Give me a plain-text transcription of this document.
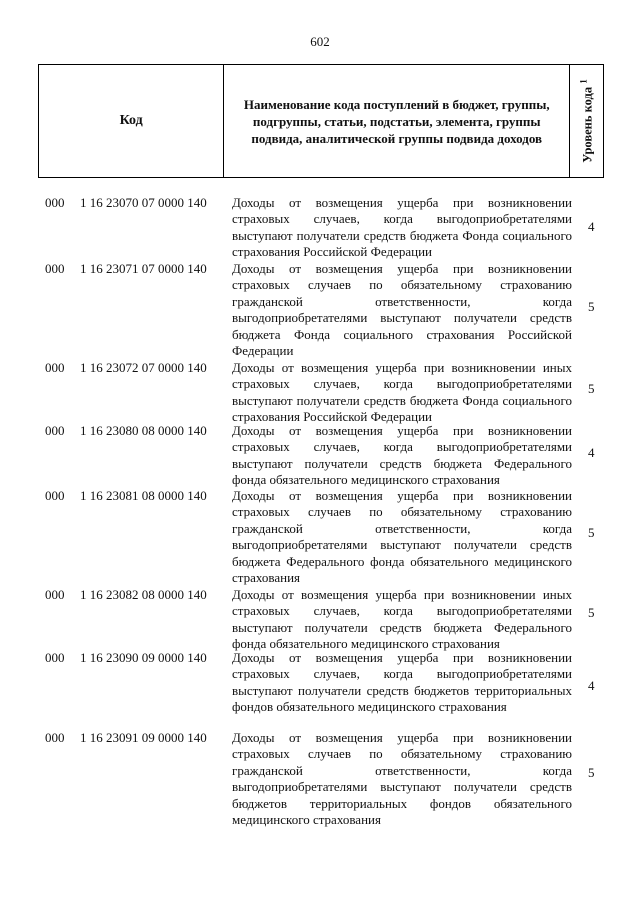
602
Код
Наименование кода поступлений в бюджет, группы, подгруппы, статьи, подстатьи, элемента, группы подвида, аналитической группы подвида доходов	Уровень кода $^1$
000 1 16 23070 07 0000 140 Доходы от возмещения ущерба при возникновении страховых случаев, когда выгодоприобретателями выступают получатели средств бюджета Фонда социального страхования Российской Федерации
4
000 1 16 23071 07 0000 140 Доходы от возмещения ущерба при возникновении страховых случаев по обязательному страхованию гражданской ответственности, когда выгодоприобретателями выступают получатели средств бюджета Фонда социального страхования Российской Федерации
5
000 1 16 23072 07 0000 140 Доходы от возмещения ущерба при возникновении иных страховых случаев, когда выгодоприобретателями выступают получатели средств бюджета Фонда социального страхования Российской Федерации
5
000 1 16 23080 08 0000 140 Доходы от возмещения ущерба при возникновении страховых случаев, когда выгодоприобретателями выступают получатели средств бюджета Федерального фонда обязательного медицинского страхования
4
000 1 16 23081 08 0000 140 Доходы от возмещения ущерба при возникновении страховых случаев по обязательному страхованию гражданской ответственности, когда выгодоприобретателями выступают получатели средств бюджета Федерального фонда обязательного медицинского страхования
5
000 1 16 23082 08 0000 140 Доходы от возмещения ущерба при возникновении иных страховых случаев, когда выгодоприобретателями выступают получатели средств бюджета Федерального фонда обязательного медицинского страхования
5
000 1 16 23090 09 0000 140 Доходы от возмещения ущерба при возникновении страховых случаев, когда выгодоприобретателями выступают получатели средств бюджетов территориальных фондов обязательного медицинского страхования
4
000 1 16 23091 09 0000 140 Доходы от возмещения ущерба при возникновении страховых случаев по обязательному страхованию гражданской ответственности, когда выгодоприобретателями выступают получатели средств бюджетов территориальных фондов обязательного медицинского страхования
5
